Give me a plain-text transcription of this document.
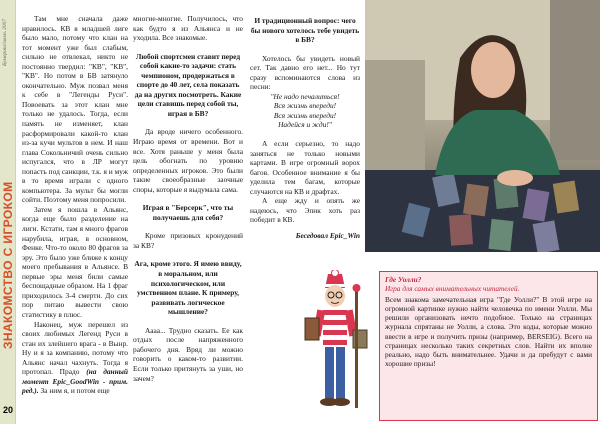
Бумеранг/июль 2007
ЗНАКОМСТВО С ИГРОКОМ
20

Там мне сначала даже нравилось. КВ в младшей лиге было мало, потому что клан на тот момент уже был слабым, сильно не отвлекал, никто не постоянно твердил: "КВ", "КВ", "КВ". Но потом в БВ затянуло окончательно. Муж позвал меня к себе в "Легенды Руси". Повоевать за этот клан мне только не удалось. Тогда, если память не изменяет, клан расформировали какой-то клан из-за кучи мультов в нем. И наш глава Сокольничий очень сильно испугался, что в ЛР могут попасть под санкции, т.к. я и муж в то время играли с одного компьютера. За мульт бы могли сойти. Поэтому меня попросили.

Затем я пошла в Альянс, когда еще было разделение на лиги. Кстати, там я много фрагов нарубила, играя, в основном, Фенке. Что-то около 80 фрагов за эру. Это было уже ближе к концу моего пребывания в Альянсе. В первые эры меня били самые беспощадные образом. На 1 фраг приходилось 3-4 смерти. До сих пор питаю вывести свою статистику в плюс.

Наконец, муж перешел из своих любимых Легенд Руси в стан их злейшего врага - в Вынр. Ну и я за компанию, потому что Альянс начал чахнуть. Тогда я протопал. Прадо (на данный момент Epic_GoodWin - прим. ред.). За ним я, и потом еще

многие-многие. Получилось, что как будто я из Альянса и не уходила. Все знакомые.

Любой спортсмен ставит перед собой какие-то задачи: стать чемпионом, продержаться в спорте до 40 лет, села показать да на других посмотреть. Какие цели ставишь перед собой ты, играя в БВ?

Да вроде ничего особенного. Играю время от времени. Вот и все. Хотя раньше у меня была цель обогнать по уровню определенных игроков. Это были такие своеобразные заочные споры, которые я выдумала сама.

Играя в "Берсерк", что ты получаешь для себя?

Кроме призовых кронудений за КВ?

Ага, кроме этого. Я имею ввиду, в моральном, или психологическом, или умственном плане. К примеру, развивать логическое мышление?

Аааа... Трудно сказать. Ее как отдых после напряженного рабочего дня. Вряд ли можно говорить о каком-то развитии. Если только притянуть за уши, но зачем?

И традиционный вопрос: чего бы нового хотелось тебе увидеть в БВ?

Хотелось бы увидеть новый сет. Так давно его нет... Но тут сразу вспоминаются слова из песни:

"Не надо печалиться!

Вся жизнь впереди!

Вся жизнь впереди!

Надейся и жди!"

А если серьезно, то надо заняться не только новыми картами. В игре огромный ворох багов. Особенное внимание я бы уделила тем багам, которые случаются на КВ и драфтах.

А еще жду и опять же надеюсь, что Эпик хоть раз победит в КВ.

Беседовал Epic_Win

Где Уолли?
Игра для самых внимательных читателей.
Всем знакома замечательная игра "Где Уолли?" В этой игре на огромной картинке нужно найти человечка по имени Уолли. Мы решили организовать нечто подобное. Только на страницах журнала спрятаны не Уолли, а слова. Это коды, которые можно ввести в игре и получить призы (например, BERSEIG). Всего на страницах несколько таких секретных слов. Найти их вполне реально, надо быть внимательнее. Удачи и да пребудут с вами хорошие призы!
